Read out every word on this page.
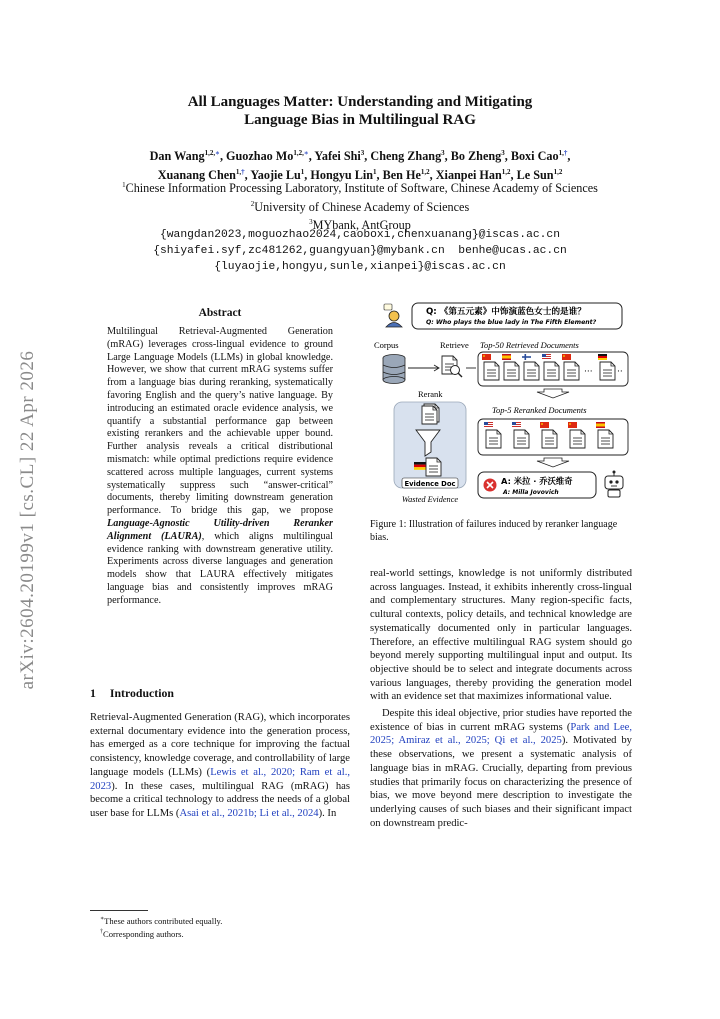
All Languages Matter: Understanding and Mitigating
Language Bias in Multilingual RAG
Dan Wang$^{1,2,∗}$, Guozhao $Mo^{1,2,∗}$, Yafei Shi$^3$, Cheng Zhang$^3$, Bo Zheng$^3$, Boxi Cao$^{1,\dagger}$,
Xuanang Chen$^{1,\dagger}$, Yaojie Lu$^1$, Hongyu Lin$^1$, Ben He$^{1,2}$, Xianpei Han$^{1,2}$, Le Sun$^{1,2}$
$^1$Chinese Information Processing Laboratory, Institute of Software, Chinese Academy of Sciences
$^2$University of Chinese Academy of Sciences
$^3$MYbank, AntGroup
{wangdan2023,moguozhao2024,caoboxi,chenxuanang}@iscas.ac.cn
{shiyafei.syf,zc481262,guangyuan}@mybank.cn  benhe@ucas.ac.cn
{luyaojie,hongyu,sunle,xianpei}@iscas.ac.cn
arXiv:2604.20199v1 [cs.CL] 22 Apr 2026
Abstract
Multilingual Retrieval-Augmented Generation (mRAG) leverages cross-lingual evidence to ground Large Language Models (LLMs) in global knowledge. However, we show that current mRAG systems suffer from a language bias during reranking, systematically favoring English and the query’s native language. By introducing an estimated oracle evidence analysis, we quantify a substantial performance gap between existing rerankers and the achievable upper bound. Further analysis reveals a critical distributional mismatch: while optimal predictions require evidence scattered across multiple languages, current systems systematically suppress such “answer-critical” documents, thereby limiting downstream generation performance. To bridge this gap, we propose Language-Agnostic Utility-driven Reranker Alignment (LAURA), which aligns multilingual evidence ranking with downstream generative utility. Experiments across diverse languages and generation models show that LAURA effectively mitigates language bias and consistently improves mRAG performance.
1 Introduction
Retrieval-Augmented Generation (RAG), which incorporates external documentary evidence into the generation process, has emerged as a core technique for improving the factual consistency, knowledge coverage, and controllability of large language models (LLMs) (Lewis et al., 2020; Ram et al., 2023). In these cases, multilingual RAG (mRAG) has become a critical technology to address the needs of a global user base for LLMs (Asai et al., 2021b; Li et al., 2024). In
∗These authors contributed equally.
†Corresponding authors.

real-world settings, knowledge is not uniformly distributed across languages. Instead, it exhibits inherently cross-lingual and complementary structures. Many region-specific facts, cultural contexts, policy details, and technical knowledge are systematically documented only in particular languages. Therefore, an effective multilingual RAG system should go beyond merely supporting multilingual input and output. Its objective should be to select and integrate documents across various languages, thereby providing the generation model with an evidence set that maximizes informational value.

Despite this ideal objective, prior studies have reported the existence of bias in current mRAG systems (Park and Lee, 2025; Amiraz et al., 2025; Qi et al., 2025). Motivated by these observations, we present a systematic analysis of language bias in mRAG. Crucially, departing from previous studies that primarily focus on characterizing the presence of bias, we move beyond mere description to investigate the underlying causes of such biases and their significant impact on downstream predic-

Q: 《第五元素》中饰演蓝色女士的是谁？
Q: Who plays the blue lady in The Fifth Element?
Corpus	Retrieve Top-50 Retrieved Documents
···	··
Rerank
Top-5 Reranked Documents
Evidence Doc
Wasted Evidence
A: 米拉 · 乔沃维奇
A: Milla Jovovich
Figure 1: Illustration of failures induced by reranker language bias.
